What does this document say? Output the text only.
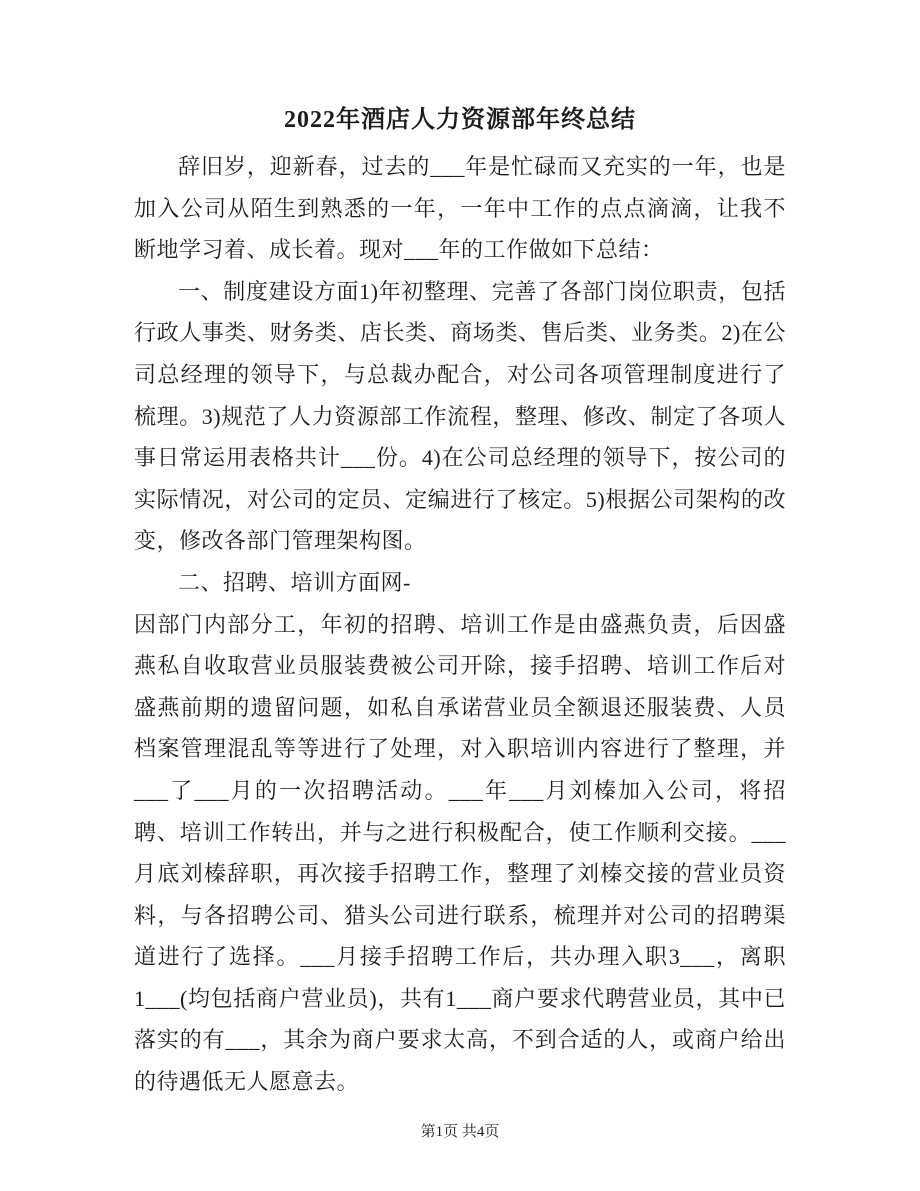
2022年酒店人力资源部年终总结

辞旧岁，迎新春，过去的___年是忙碌而又充实的一年，也是加入公司从陌生到熟悉的一年，一年中工作的点点滴滴，让我不断地学习着、成长着。现对___年的工作做如下总结：

一、制度建设方面1)年初整理、完善了各部门岗位职责，包括行政人事类、财务类、店长类、商场类、售后类、业务类。2)在公司总经理的领导下，与总裁办配合，对公司各项管理制度进行了梳理。3)规范了人力资源部工作流程，整理、修改、制定了各项人事日常运用表格共计___份。4)在公司总经理的领导下，按公司的实际情况，对公司的定员、定编进行了核定。5)根据公司架构的改变，修改各部门管理架构图。

二、招聘、培训方面网-

因部门内部分工，年初的招聘、培训工作是由盛燕负责，后因盛燕私自收取营业员服装费被公司开除，接手招聘、培训工作后对盛燕前期的遗留问题，如私自承诺营业员全额退还服装费、人员档案管理混乱等等进行了处理，对入职培训内容进行了整理，并___了___月的一次招聘活动。___年___月刘榛加入公司，将招聘、培训工作转出，并与之进行积极配合，使工作顺利交接。___月底刘榛辞职，再次接手招聘工作，整理了刘榛交接的营业员资料，与各招聘公司、猎头公司进行联系，梳理并对公司的招聘渠道进行了选择。___月接手招聘工作后，共办理入职3___，离职1___(均包括商户营业员)，共有1___商户要求代聘营业员，其中已落实的有___，其余为商户要求太高，不到合适的人，或商户给出的待遇低无人愿意去。

第1页 共4页
